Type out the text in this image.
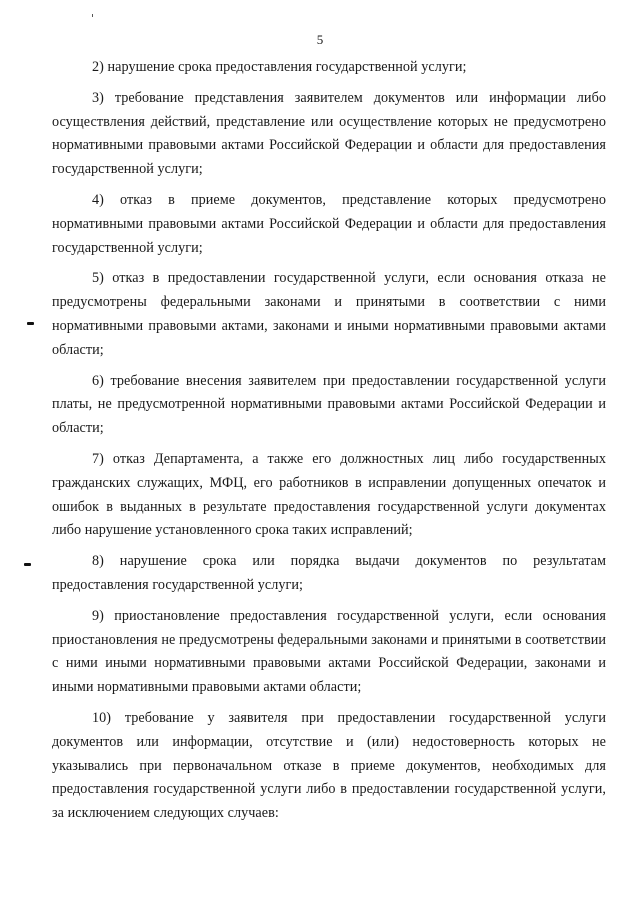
5

2) нарушение срока предоставления государственной услуги;

3) требование представления заявителем документов или информации либо осуществления действий, представление или осуществление которых не предусмотрено нормативными правовыми актами Российской Федерации и области для предоставления государственной услуги;

4) отказ в приеме документов, представление которых предусмотрено нормативными правовыми актами Российской Федерации и области для предоставления государственной услуги;

5) отказ в предоставлении государственной услуги, если основания отказа не предусмотрены федеральными законами и принятыми в соответствии с ними нормативными правовыми актами, законами и иными нормативными правовыми актами области;

6) требование внесения заявителем при предоставлении государственной услуги платы, не предусмотренной нормативными правовыми актами Российской Федерации и области;

7) отказ Департамента, а также его должностных лиц либо государственных гражданских служащих, МФЦ, его работников в исправлении допущенных опечаток и ошибок в выданных в результате предоставления государственной услуги документах либо нарушение установленного срока таких исправлений;

8) нарушение срока или порядка выдачи документов по результатам предоставления государственной услуги;

9) приостановление предоставления государственной услуги, если основания приостановления не предусмотрены федеральными законами и принятыми в соответствии с ними иными нормативными правовыми актами Российской Федерации, законами и иными нормативными правовыми актами области;

10) требование у заявителя при предоставлении государственной услуги документов или информации, отсутствие и (или) недостоверность которых не указывались при первоначальном отказе в приеме документов, необходимых для предоставления государственной услуги либо в предоставлении государственной услуги, за исключением следующих случаев:
